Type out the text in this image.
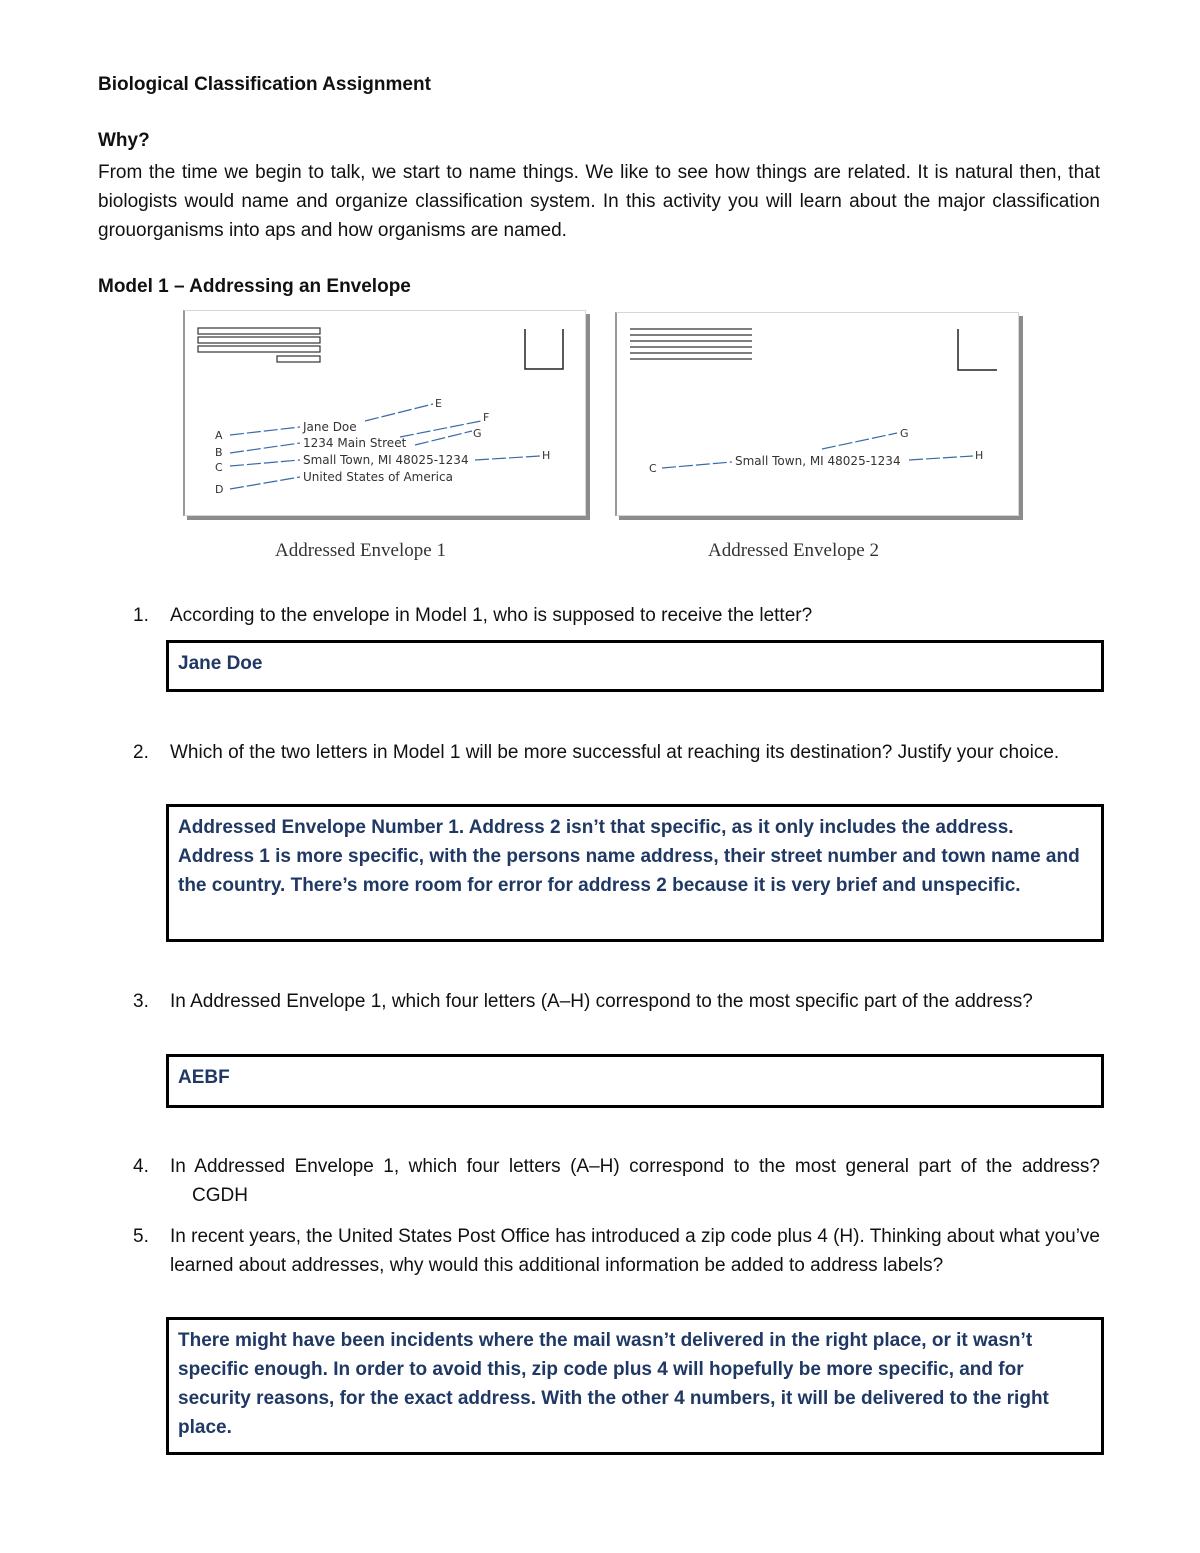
Biological Classification Assignment
Why?
From the time we begin to talk, we start to name things. We like to see how things are related. It is natural then, that biologists would name and organize classification system. In this activity you will learn about the major classification grouorganisms into aps and how organisms are named.
Model 1 – Addressing an Envelope
A
B
C
D
E
F
G
H
Jane Doe
1234 Main Street
Small Town, MI 48025-1234
United States of America
C
G
H
Small Town, MI 48025-1234
Addressed Envelope 1	Addressed Envelope 2
1. According to the envelope in Model 1, who is supposed to receive the letter?
Jane Doe
2. Which of the two letters in Model 1 will be more successful at reaching its destination? Justify your choice.
Addressed Envelope Number 1. Address 2 isn’t that specific, as it only includes the address. Address 1 is more specific, with the persons name address, their street number and town name and the country. There’s more room for error for address 2 because it is very brief and unspecific.
3. In Addressed Envelope 1, which four letters (A–H) correspond to the most specific part of the address?
AEBF
4. In Addressed Envelope 1, which four letters (A–H) correspond to the most general part of the address?CGDH
5. In recent years, the United States Post Office has introduced a zip code plus 4 (H). Thinking about what you’ve learned about addresses, why would this additional information be added to address labels?
There might have been incidents where the mail wasn’t delivered in the right place, or it wasn’t specific enough. In order to avoid this, zip code plus 4 will hopefully be more specific, and for security reasons, for the exact address. With the other 4 numbers, it will be delivered to the right place.
